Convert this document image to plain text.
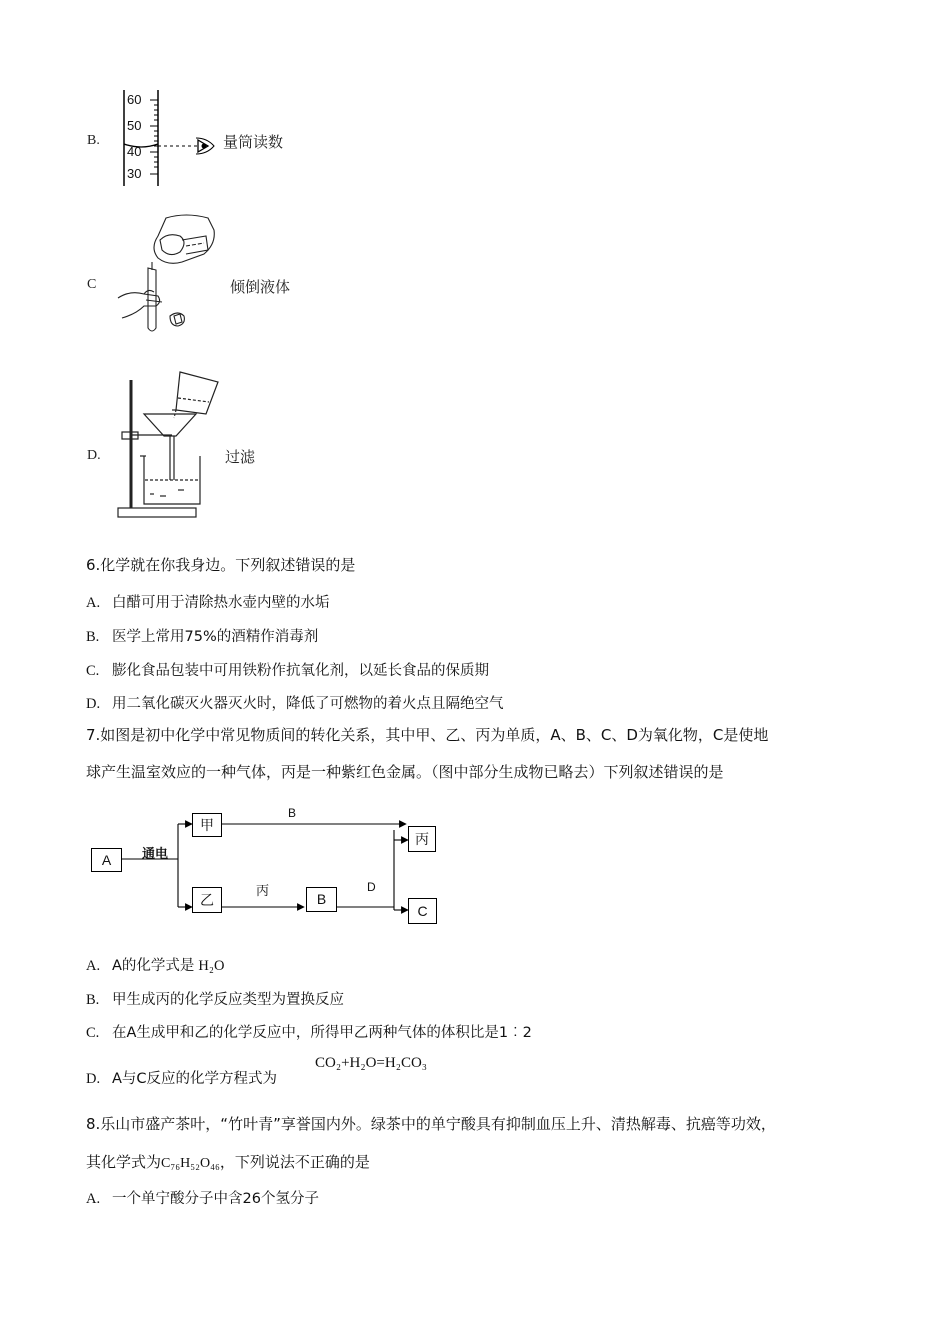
B.
60
50
40
30
量筒读数
C	倾倒液体
D.	过滤
6.化学就在你我身边。下列叙述错误的是
A. 白醋可用于清除热水壶内壁的水垢
B. 医学上常用75%的酒精作消毒剂
C. 膨化食品包装中可用铁粉作抗氧化剂，以延长食品的保质期
D. 用二氧化碳灭火器灭火时，降低了可燃物的着火点且隔绝空气
7.如图是初中化学中常见物质间的转化关系，其中甲、乙、丙为单质，A、B、C、D为氧化物，C是使地
球产生温室效应的一种气体，丙是一种紫红色金属。（图中部分生成物已略去）下列叙述错误的是
A
甲
乙	B
丙
C
通电
B
丙	D
A. A的化学式是 H₂O
B. 甲生成丙的化学反应类型为置换反应
C. 在A生成甲和乙的化学反应中，所得甲乙两种气体的体积比是1︰2
D. A与C反应的化学方程式为
CO₂+H₂O=H₂CO₃
8.乐山市盛产茶叶，“竹叶青”享誉国内外。绿茶中的单宁酸具有抑制血压上升、清热解毒、抗癌等功效，
其化学式为C₇₆H₅₂O₄₆，下列说法不正确的是
A. 一个单宁酸分子中含26个氢分子
